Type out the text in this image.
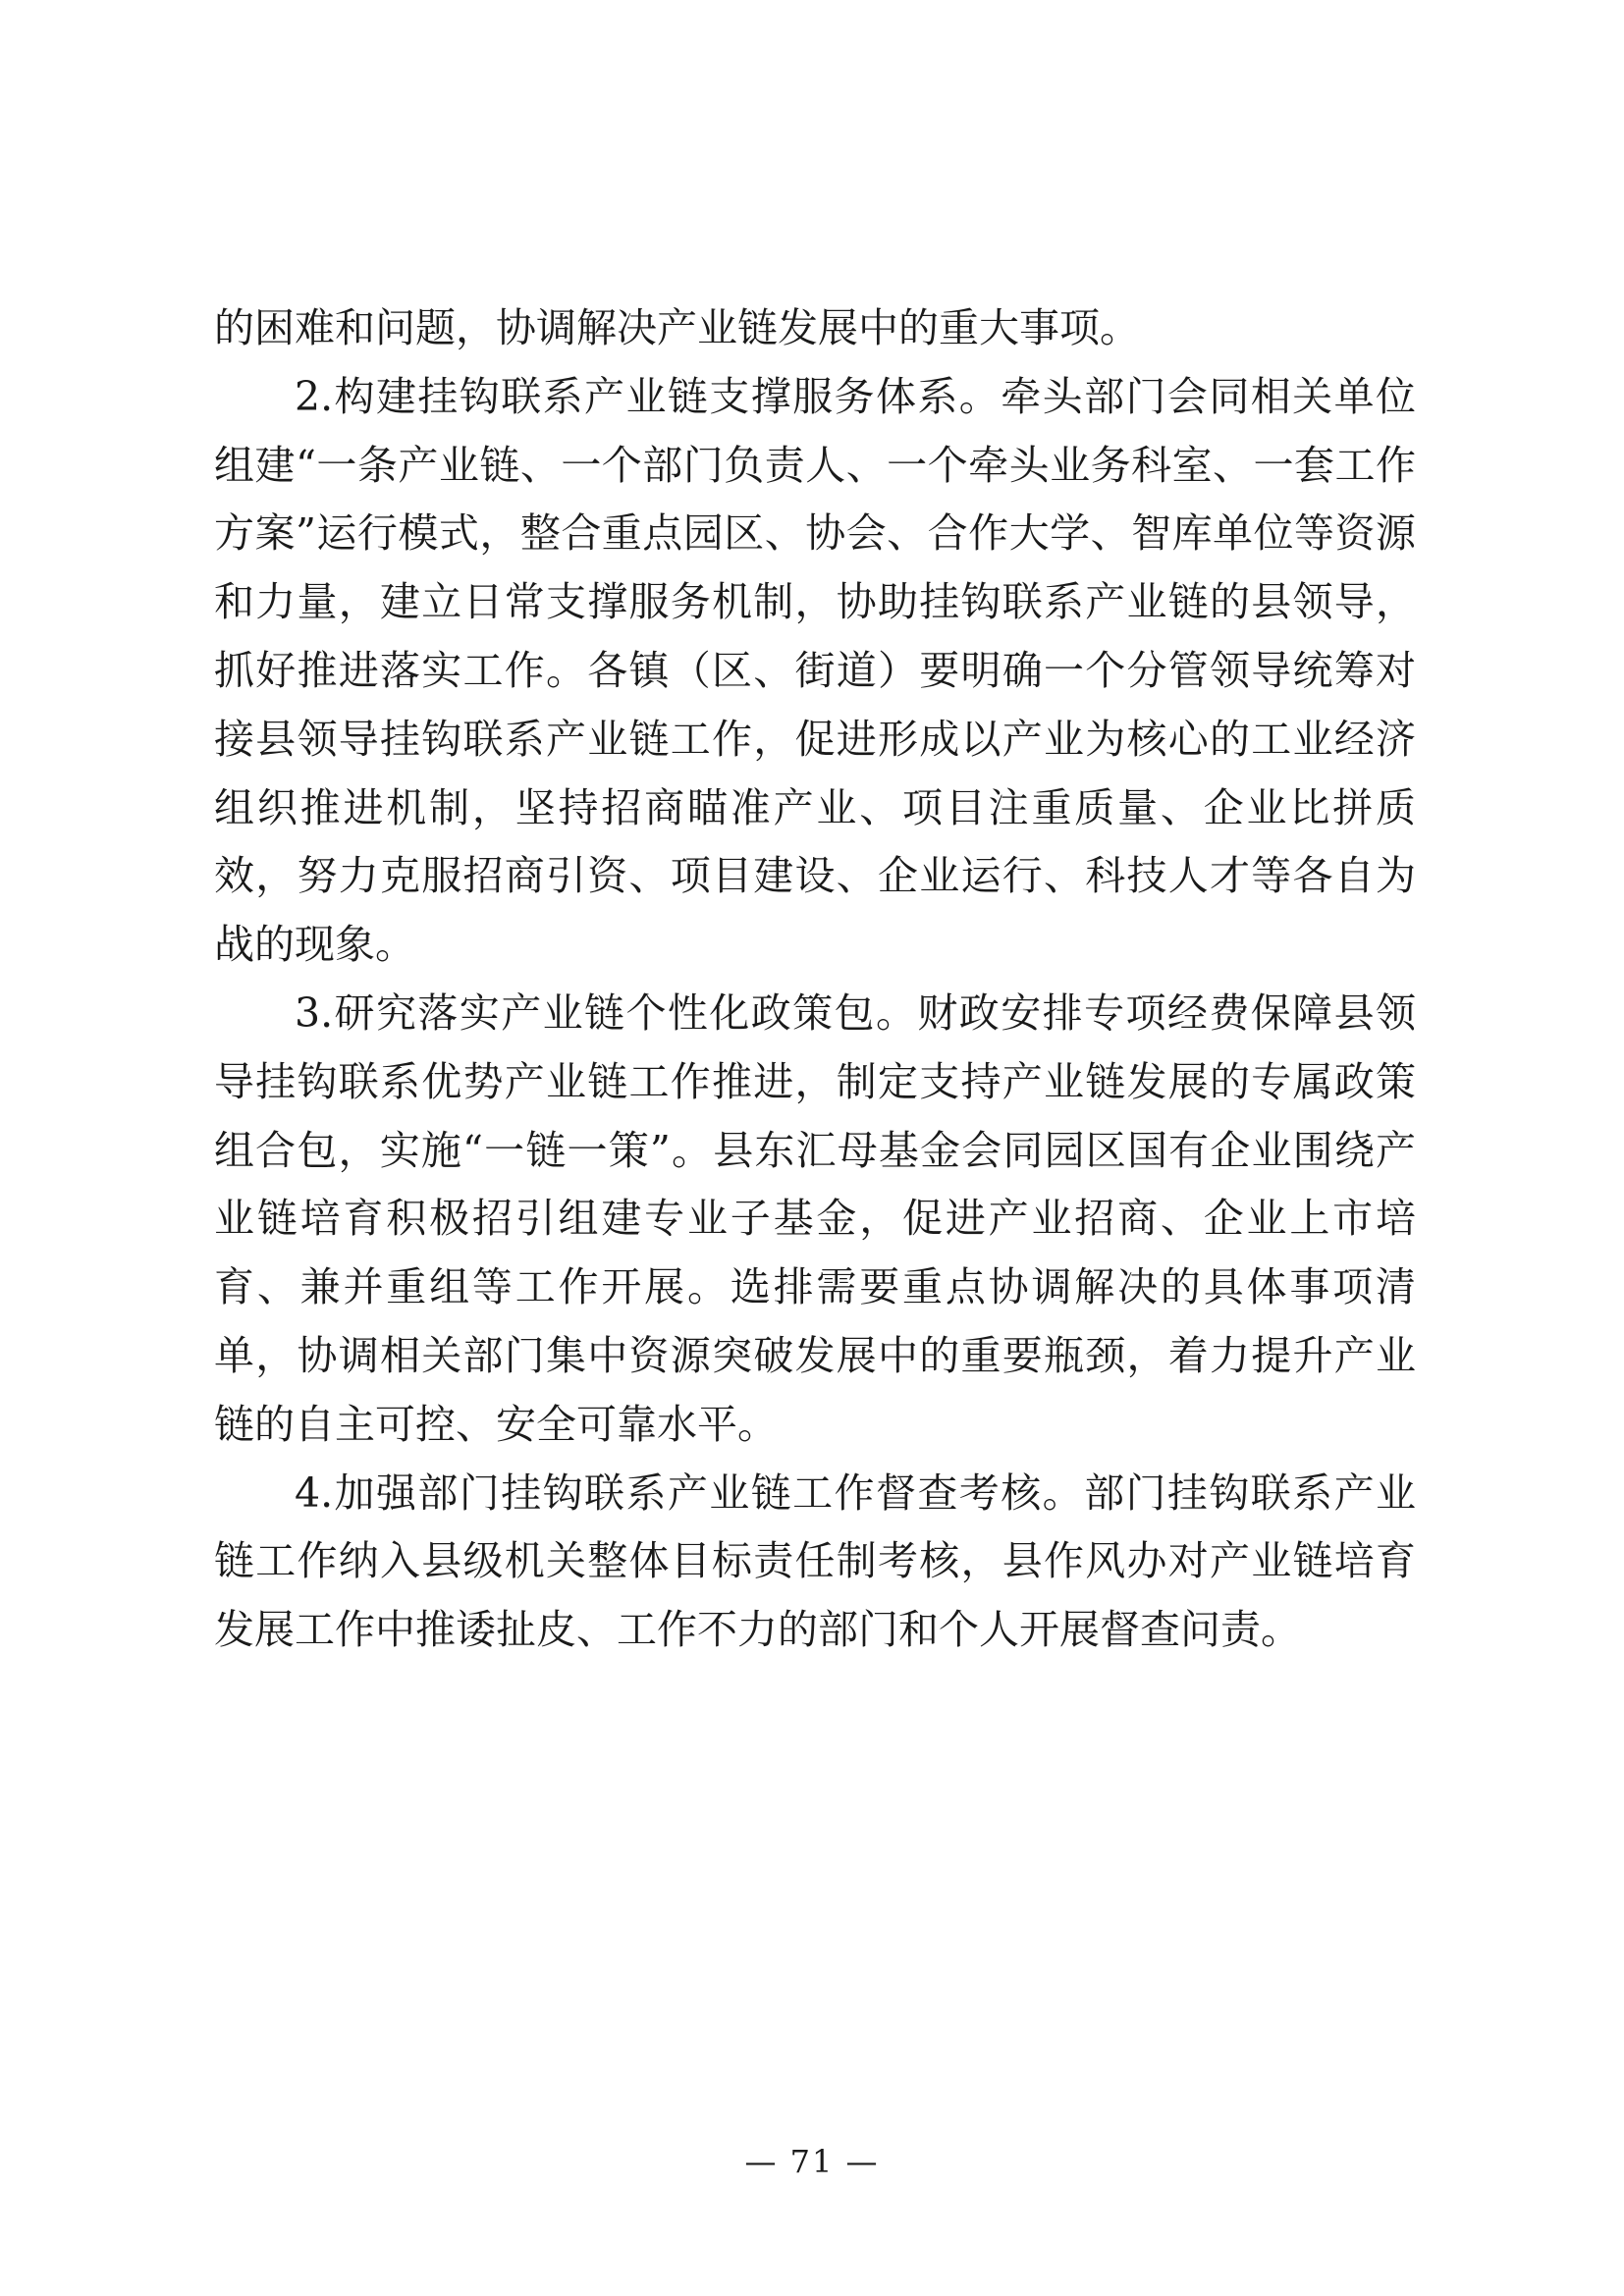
的困难和问题，协调解决产业链发展中的重大事项。

2.构建挂钩联系产业链支撑服务体系。牵头部门会同相关单位组建“一条产业链、一个部门负责人、一个牵头业务科室、一套工作方案”运行模式，整合重点园区、协会、合作大学、智库单位等资源和力量，建立日常支撑服务机制，协助挂钩联系产业链的县领导，抓好推进落实工作。各镇（区、街道）要明确一个分管领导统筹对接县领导挂钩联系产业链工作，促进形成以产业为核心的工业经济组织推进机制，坚持招商瞄准产业、项目注重质量、企业比拼质效，努力克服招商引资、项目建设、企业运行、科技人才等各自为战的现象。

3.研究落实产业链个性化政策包。财政安排专项经费保障县领导挂钩联系优势产业链工作推进，制定支持产业链发展的专属政策组合包，实施“一链一策”。县东汇母基金会同园区国有企业围绕产业链培育积极招引组建专业子基金，促进产业招商、企业上市培育、兼并重组等工作开展。选排需要重点协调解决的具体事项清单，协调相关部门集中资源突破发展中的重要瓶颈，着力提升产业链的自主可控、安全可靠水平。

4.加强部门挂钩联系产业链工作督查考核。部门挂钩联系产业链工作纳入县级机关整体目标责任制考核，县作风办对产业链培育发展工作中推诿扯皮、工作不力的部门和个人开展督查问责。

— 71 —
